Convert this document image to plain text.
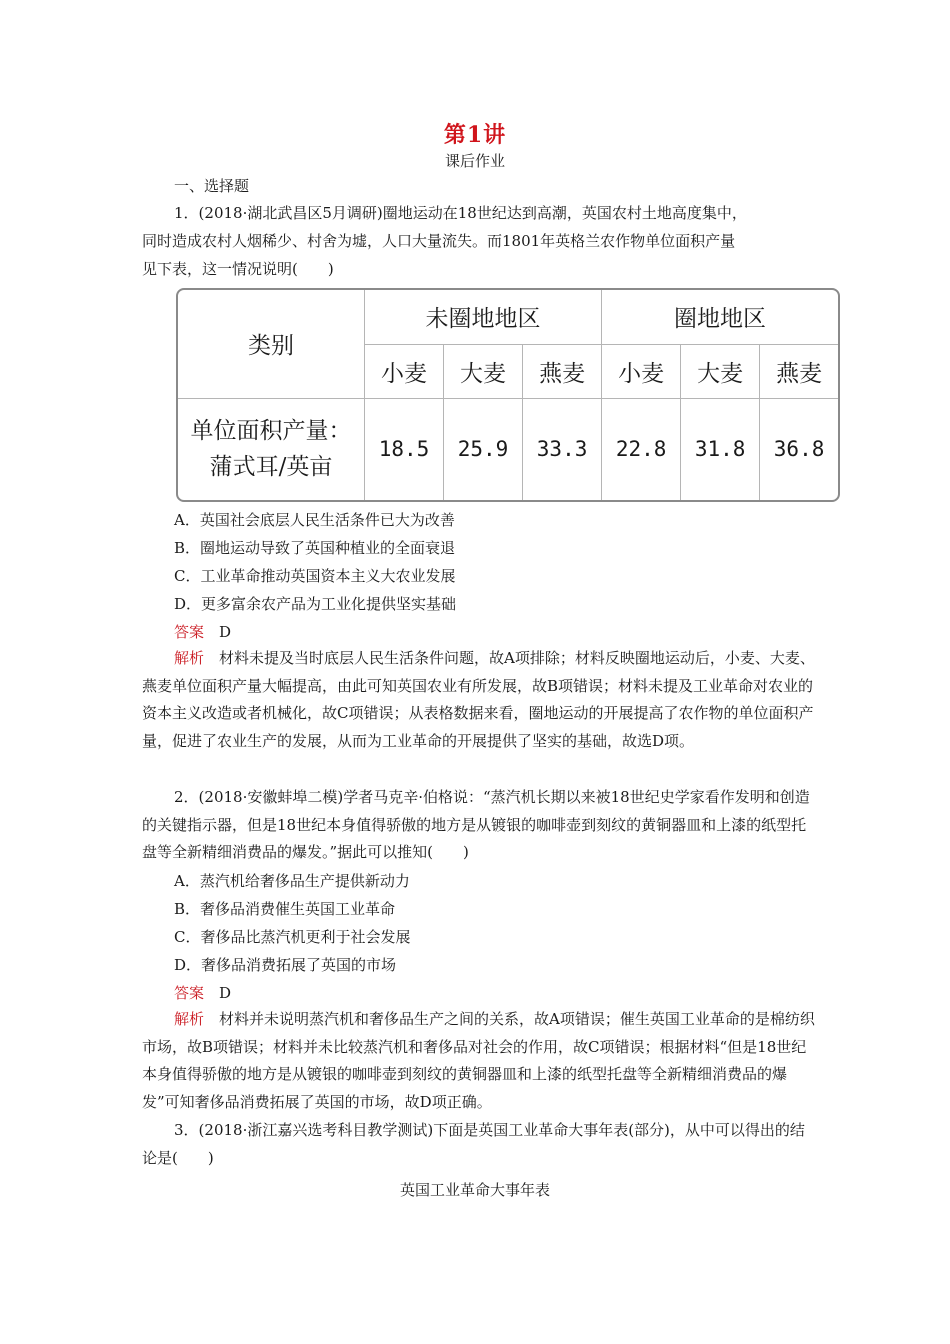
第1讲
课后作业
一、选择题
1．(2018·湖北武昌区5月调研)圈地运动在18世纪达到高潮，英国农村土地高度集中，
同时造成农村人烟稀少、村舍为墟，人口大量流失。而1801年英格兰农作物单位面积产量
见下表，这一情况说明(　　)
类别	未圈地地区			圈地地区		
	小麦	大麦	燕麦	小麦	大麦	燕麦

单位面积产量：
蒲式耳/英亩	18.5	25.9	33.3	22.8	31.8	36.8
A．英国社会底层人民生活条件已大为改善
B．圈地运动导致了英国种植业的全面衰退
C．工业革命推动英国资本主义大农业发展
D．更多富余农产品为工业化提供坚实基础
答案　 D
解析　 材料未提及当时底层人民生活条件问题，故A项排除；材料反映圈地运动后，小麦、大麦、燕麦单位面积产量大幅提高，由此可知英国农业有所发展，故B项错误；材料未提及工业革命对农业的资本主义改造或者机械化，故C项错误；从表格数据来看，圈地运动的开展提高了农作物的单位面积产量，促进了农业生产的发展，从而为工业革命的开展提供了坚实的基础，故选D项。
2．(2018·安徽蚌埠二模)学者马克辛·伯格说：“蒸汽机长期以来被18世纪史学家看作发明和创造的关键指示器，但是18世纪本身值得骄傲的地方是从镀银的咖啡壶到刻纹的黄铜器皿和上漆的纸型托盘等全新精细消费品的爆发。”据此可以推知(　　)
A．蒸汽机给奢侈品生产提供新动力
B．奢侈品消费催生英国工业革命
C．奢侈品比蒸汽机更利于社会发展
D．奢侈品消费拓展了英国的市场
答案　 D
解析　 材料并未说明蒸汽机和奢侈品生产之间的关系，故A项错误；催生英国工业革命的是棉纺织市场，故B项错误；材料并未比较蒸汽机和奢侈品对社会的作用，故C项错误；根据材料“但是18世纪本身值得骄傲的地方是从镀银的咖啡壶到刻纹的黄铜器皿和上漆的纸型托盘等全新精细消费品的爆发”可知奢侈品消费拓展了英国的市场，故D项正确。
3．(2018·浙江嘉兴选考科目教学测试)下面是英国工业革命大事年表(部分)，从中可以得出的结论是(　　)
英国工业革命大事年表
